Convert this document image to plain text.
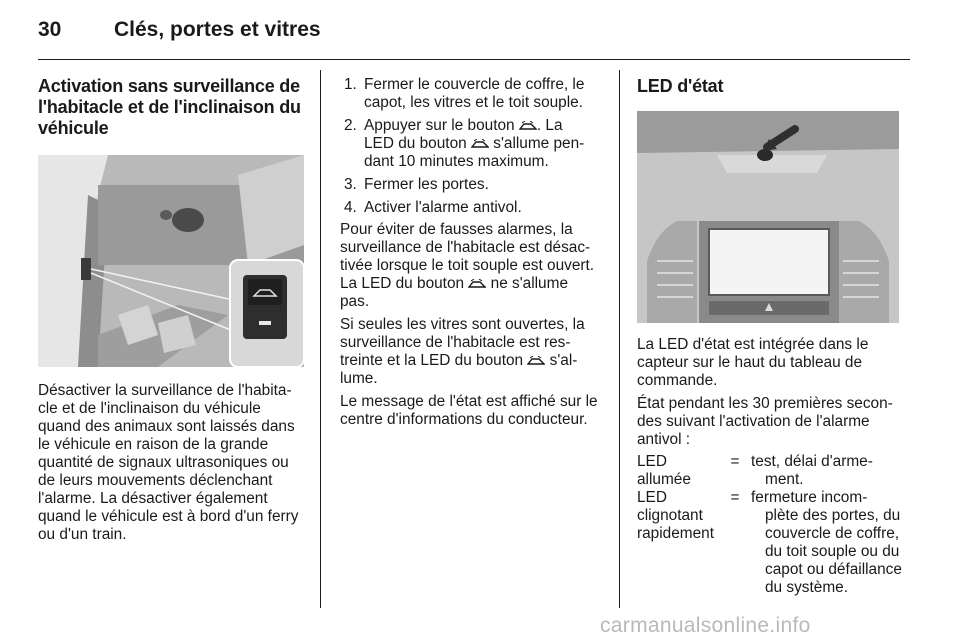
30	Clés, portes et vitres
Activation sans surveillance de
l'habitacle et de l'inclinaison du
véhicule

Désactiver la surveillance de l'habita-
cle et de l'inclinaison du véhicule
quand des animaux sont laissés dans
le véhicule en raison de la grande
quantité de signaux ultrasoniques ou
de leurs mouvements déclenchant
l'alarme. La désactiver également
quand le véhicule est à bord d'un ferry
ou d'un train.

1. Fermer le couvercle de coffre, le
capot, les vitres et le toit souple.
2. Appuyer sur le bouton . La
LED du bouton  s'allume pen-
dant 10 minutes maximum.
3. Fermer les portes.
4. Activer l'alarme antivol.

Pour éviter de fausses alarmes, la
surveillance de l'habitacle est désac-
tivée lorsque le toit souple est ouvert.
La LED du bouton  ne s'allume
pas.

Si seules les vitres sont ouvertes, la
surveillance de l'habitacle est res-
treinte et la LED du bouton  s'al-
lume.

Le message de l'état est affiché sur le
centre d'informations du conducteur.

LED d'état

La LED d'état est intégrée dans le
capteur sur le haut du tableau de
commande.

État pendant les 30 premières secon-
des suivant l'activation de l'alarme
antivol :

LED
allumée
= test, délai d'arme-
ment.
LED
clignotant
rapidement
= fermeture incom-
plète des portes, du
couvercle de coffre,
du toit souple ou du
capot ou défaillance
du système.
carmanualsonline.info
